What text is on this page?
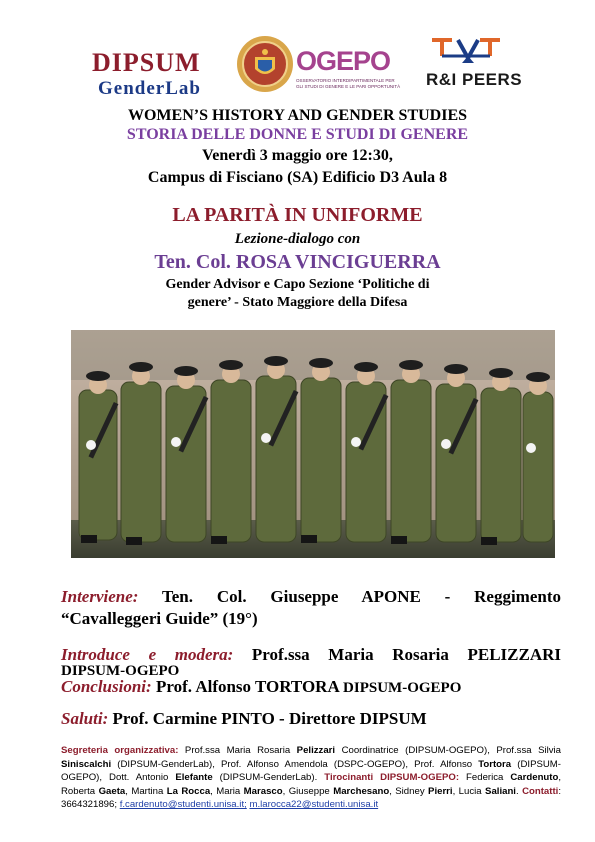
DIPSUM
GenderLab
OGEPO
OSSERVATORIO INTERDIPARTIMENTALE PER GLI STUDI DI GENERE E LE PARI OPPORTUNITÀ R&I PEERS
WOMEN’S HISTORY AND GENDER STUDIES
STORIA DELLE DONNE E STUDI DI GENERE
Venerdì 3 maggio ore 12:30,
Campus di Fisciano (SA) Edificio D3 Aula 8
LA PARITÀ IN UNIFORME
Lezione-dialogo con
Ten. Col. ROSA VINCIGUERRA
Gender Advisor e Capo Sezione ‘Politiche di
genere’ - Stato Maggiore della Difesa
Interviene: Ten. Col. Giuseppe APONE - Reggimento
“Cavalleggeri Guide” (19°)
Introduce e modera: Prof.ssa Maria Rosaria PELIZZARI
DIPSUM-OGEPO
Conclusioni: Prof. Alfonso TORTORA DIPSUM-OGEPO
Saluti: Prof. Carmine PINTO - Direttore DIPSUM
Segreteria organizzativa: Prof.ssa Maria Rosaria Pelizzari Coordinatrice (DIPSUM-OGEPO), Prof.ssa Silvia Siniscalchi (DIPSUM-GenderLab), Prof. Alfonso Amendola (DSPC-OGEPO), Prof. Alfonso Tortora (DIPSUM-OGEPO), Dott. Antonio Elefante (DIPSUM-GenderLab). Tirocinanti DIPSUM-OGEPO: Federica Cardenuto, Roberta Gaeta, Martina La Rocca, Maria Marasco, Giuseppe Marchesano, Sidney Pierri, Lucia Saliani. Contatti: 3664321896; f.cardenuto@studenti.unisa.it; m.larocca22@studenti.unisa.it
